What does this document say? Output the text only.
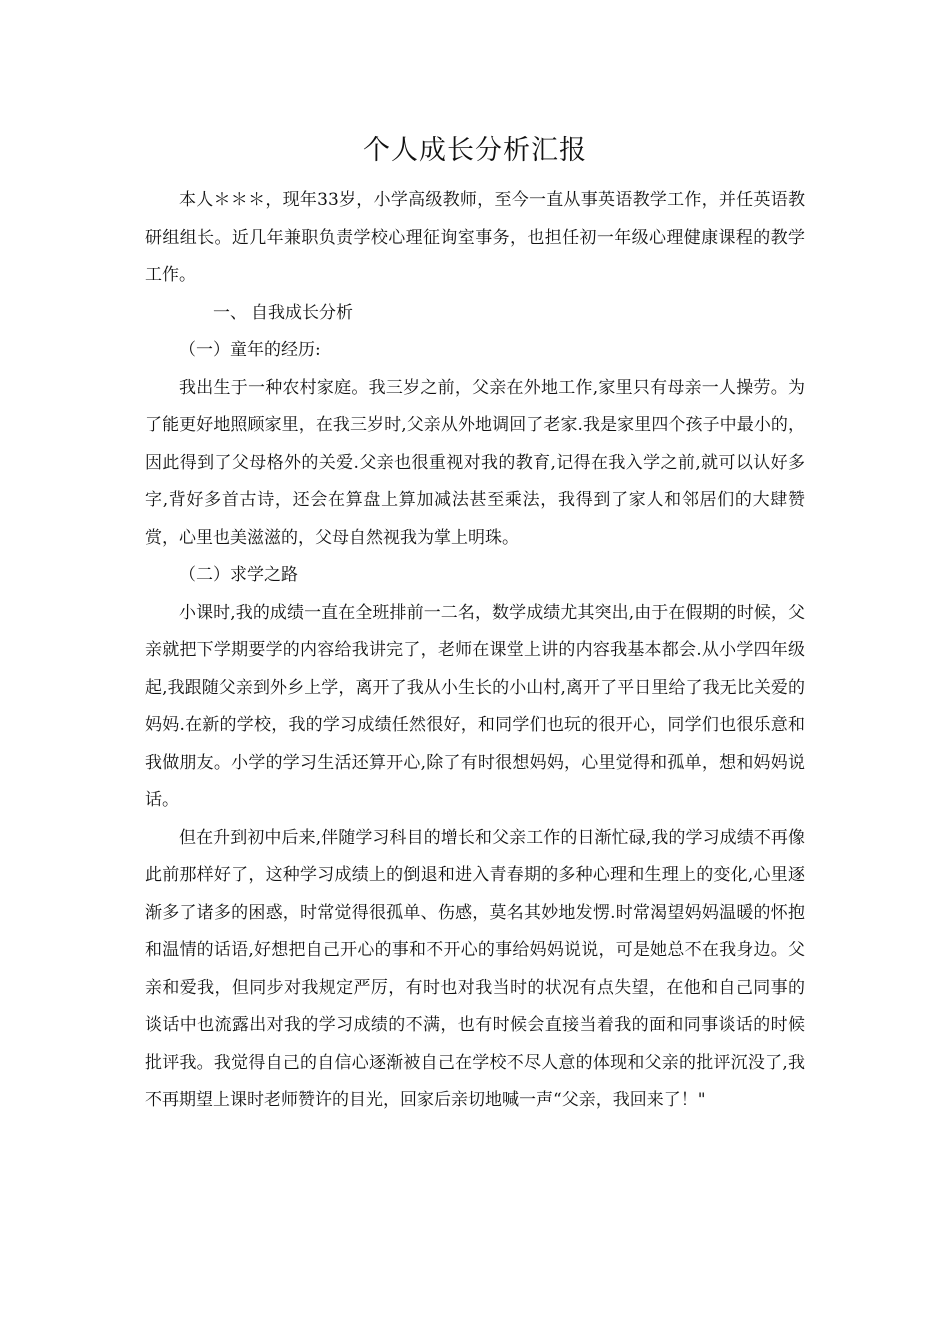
个人成长分析汇报

本人＊＊＊，现年33岁，小学高级教师，至今一直从事英语教学工作，并任英语教研组组长。近几年兼职负责学校心理征询室事务，也担任初一年级心理健康课程的教学工作。

一、 自我成长分析

（一）童年的经历:

我出生于一种农村家庭。我三岁之前，父亲在外地工作,家里只有母亲一人操劳。为了能更好地照顾家里，在我三岁时,父亲从外地调回了老家.我是家里四个孩子中最小的，因此得到了父母格外的关爱.父亲也很重视对我的教育,记得在我入学之前,就可以认好多字,背好多首古诗，还会在算盘上算加减法甚至乘法，我得到了家人和邻居们的大肆赞赏，心里也美滋滋的，父母自然视我为掌上明珠。

（二）求学之路

小课时,我的成绩一直在全班排前一二名，数学成绩尤其突出,由于在假期的时候，父亲就把下学期要学的内容给我讲完了，老师在课堂上讲的内容我基本都会.从小学四年级起,我跟随父亲到外乡上学，离开了我从小生长的小山村,离开了平日里给了我无比关爱的妈妈.在新的学校，我的学习成绩任然很好，和同学们也玩的很开心，同学们也很乐意和我做朋友。小学的学习生活还算开心,除了有时很想妈妈，心里觉得和孤单，想和妈妈说话。

但在升到初中后来,伴随学习科目的增长和父亲工作的日渐忙碌,我的学习成绩不再像此前那样好了，这种学习成绩上的倒退和进入青春期的多种心理和生理上的变化,心里逐渐多了诸多的困惑，时常觉得很孤单、伤感，莫名其妙地发愣.时常渴望妈妈温暖的怀抱和温情的话语,好想把自己开心的事和不开心的事给妈妈说说，可是她总不在我身边。父亲和爱我，但同步对我规定严厉，有时也对我当时的状况有点失望，在他和自己同事的谈话中也流露出对我的学习成绩的不满，也有时候会直接当着我的面和同事谈话的时候批评我。我觉得自己的自信心逐渐被自己在学校不尽人意的体现和父亲的批评沉没了,我不再期望上课时老师赞许的目光，回家后亲切地喊一声“父亲，我回来了！"
